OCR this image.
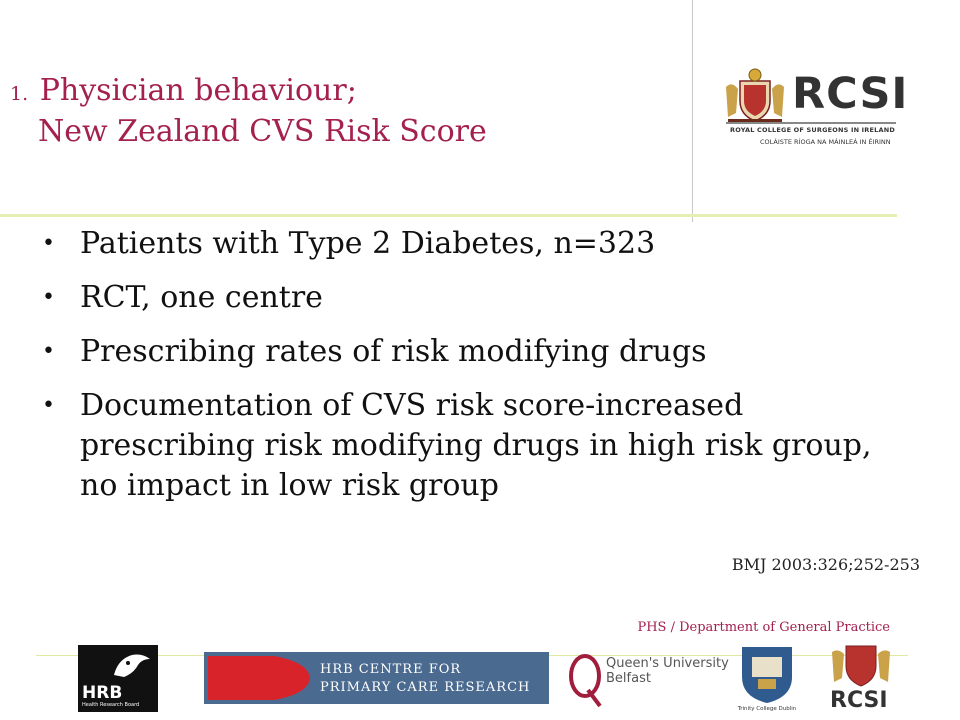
1. Physician behaviour;
New Zealand CVS Risk Score
RCSI
ROYAL COLLEGE OF SURGEONS IN IRELAND
COLÁISTE RÍOGA NA MÁINLEÁ IN ÉIRINN
• Patients with Type 2 Diabetes, n=323
• RCT, one centre
• Prescribing rates of risk modifying drugs
• Documentation of CVS risk score-increased
prescribing risk modifying drugs in high risk group,
no impact in low risk group
BMJ 2003:326;252-253
PHS / Department of General Practice
HRB
Health Research Board
HRB CENTRE FOR
PRIMARY CARE RESEARCH
Queen's University
Belfast
Trinity College Dublin RCSI
